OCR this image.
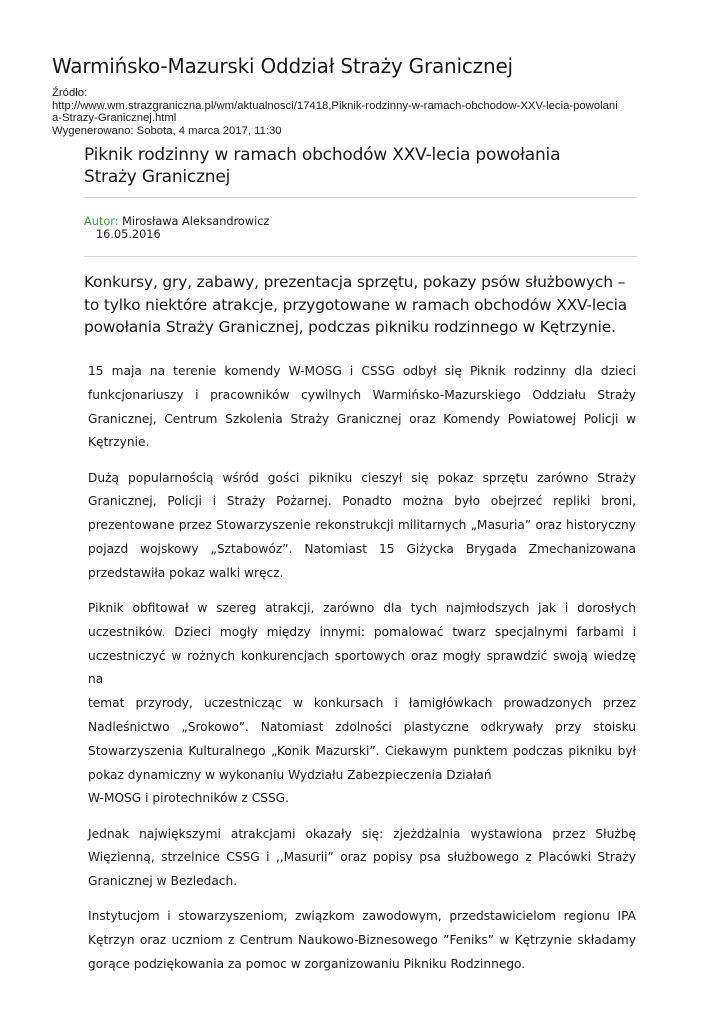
Warmińsko-Mazurski Oddział Straży Granicznej
Źródło:
http://www.wm.strazgraniczna.pl/wm/aktualnosci/17418,Piknik-rodzinny-w-ramach-obchodow-XXV-lecia-powolani
a-Strazy-Granicznej.html
Wygenerowano: Sobota, 4 marca 2017, 11:30
Piknik rodzinny w ramach obchodów XXV-lecia powołania
Straży Granicznej
Autor: Mirosława Aleksandrowicz
16.05.2016
Konkursy, gry, zabawy, prezentacja sprzętu, pokazy psów służbowych –
to tylko niektóre atrakcje, przygotowane w ramach obchodów XXV-lecia
powołania Straży Granicznej, podczas pikniku rodzinnego w Kętrzynie.
15 maja na terenie komendy W-MOSG i CSSG odbył się Piknik rodzinny dla dzieci
funkcjonariuszy i pracowników cywilnych Warmińsko-Mazurskiego Oddziału Straży
Granicznej, Centrum Szkolenia Straży Granicznej oraz Komendy Powiatowej Policji w
Kętrzynie.
Dużą popularnością wśród gości pikniku cieszył się pokaz sprzętu zarówno Straży
Granicznej, Policji i Straży Pożarnej. Ponadto można było obejrzeć repliki broni,
prezentowane przez Stowarzyszenie rekonstrukcji militarnych „Masuria” oraz historyczny
pojazd wojskowy „Sztabowóz”. Natomiast 15 Giżycka Brygada Zmechanizowana
przedstawiła pokaz walki wręcz.
Piknik obfitował w szereg atrakcji, zarówno dla tych najmłodszych jak i dorosłych
uczestników. Dzieci mogły między innymi: pomalować twarz specjalnymi farbami i
uczestniczyć w rożnych konkurencjach sportowych oraz mogły sprawdzić swoją wiedzę na
temat przyrody, uczestnicząc w konkursach i łamigłówkach prowadzonych przez
Nadleśnictwo „Srokowo”. Natomiast zdolności plastyczne odkrywały przy stoisku
Stowarzyszenia Kulturalnego „Konik Mazurski”. Ciekawym punktem podczas pikniku był
pokaz dynamiczny w wykonaniu Wydziału Zabezpieczenia Działań
W-MOSG i pirotechników z CSSG.
Jednak największymi atrakcjami okazały się: zjeżdżalnia wystawiona przez Służbę
Więzienną, strzelnice CSSG i ,,Masurii” oraz popisy psa służbowego z Placówki Straży
Granicznej w Bezledach.
Instytucjom i stowarzyszeniom, związkom zawodowym, przedstawicielom regionu IPA
Kętrzyn oraz uczniom z Centrum Naukowo-Biznesowego ”Feniks” w Kętrzynie składamy
gorące podziękowania za pomoc w zorganizowaniu Pikniku Rodzinnego.
